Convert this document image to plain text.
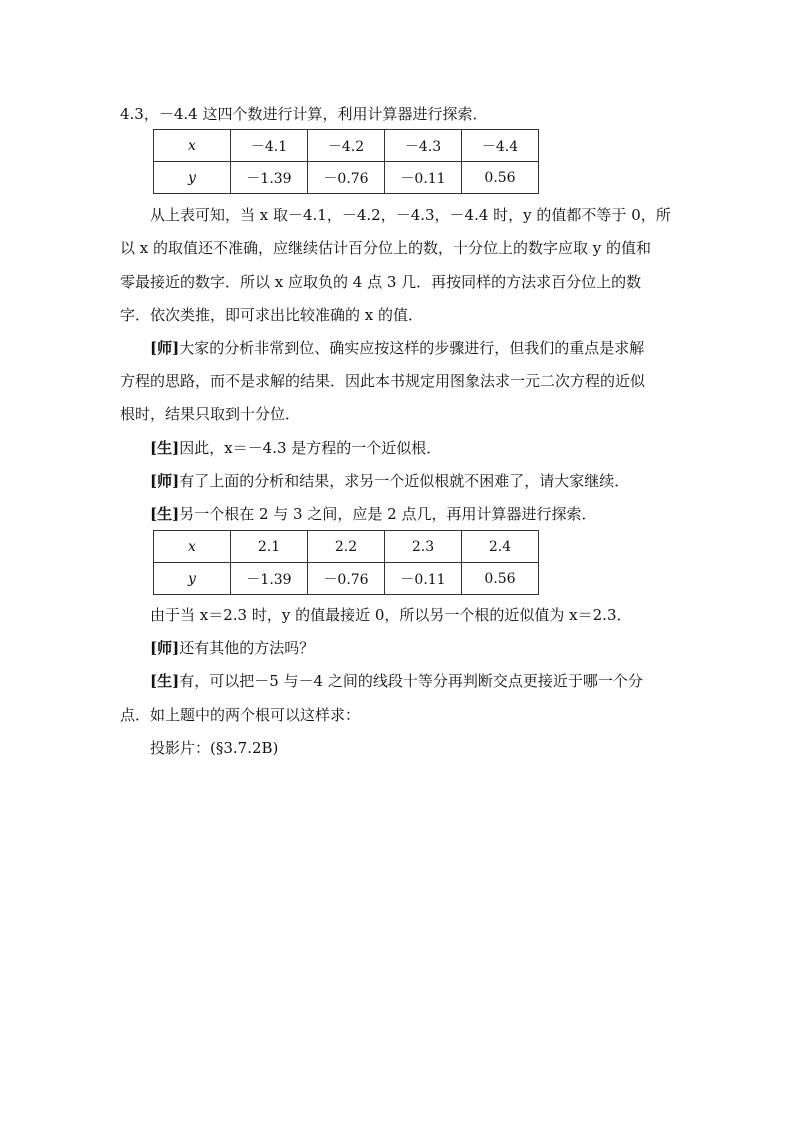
4.3，－4.4 这四个数进行计算，利用计算器进行探索．
x	－4.1	－4.2	－4.3	－4.4
y	－1.39	－0.76	－0.11	0.56
从上表可知，当 x 取－4.1，－4.2，－4.3，－4.4 时，y 的值都不等于 0，所
以 x 的取值还不准确，应继续估计百分位上的数，十分位上的数字应取 y 的值和
零最接近的数字．所以 x 应取负的 4 点 3 几．再按同样的方法求百分位上的数
字．依次类推，即可求出比较准确的 x 的值．
[师]大家的分析非常到位、确实应按这样的步骤进行，但我们的重点是求解
方程的思路，而不是求解的结果．因此本书规定用图象法求一元二次方程的近似
根时，结果只取到十分位．
[生]因此，x＝－4.3 是方程的一个近似根．
[师]有了上面的分析和结果，求另一个近似根就不困难了，请大家继续．
[生]另一个根在 2 与 3 之间，应是 2 点几，再用计算器进行探索．
x	2.1	2.2	2.3	2.4
y	－1.39	－0.76	－0.11	0.56
由于当 x＝2.3 时，y 的值最接近 0，所以另一个根的近似值为 x＝2.3．
[师]还有其他的方法吗？
[生]有，可以把－5 与－4 之间的线段十等分再判断交点更接近于哪一个分
点．如上题中的两个根可以这样求：
投影片：(§3.7.2B)
